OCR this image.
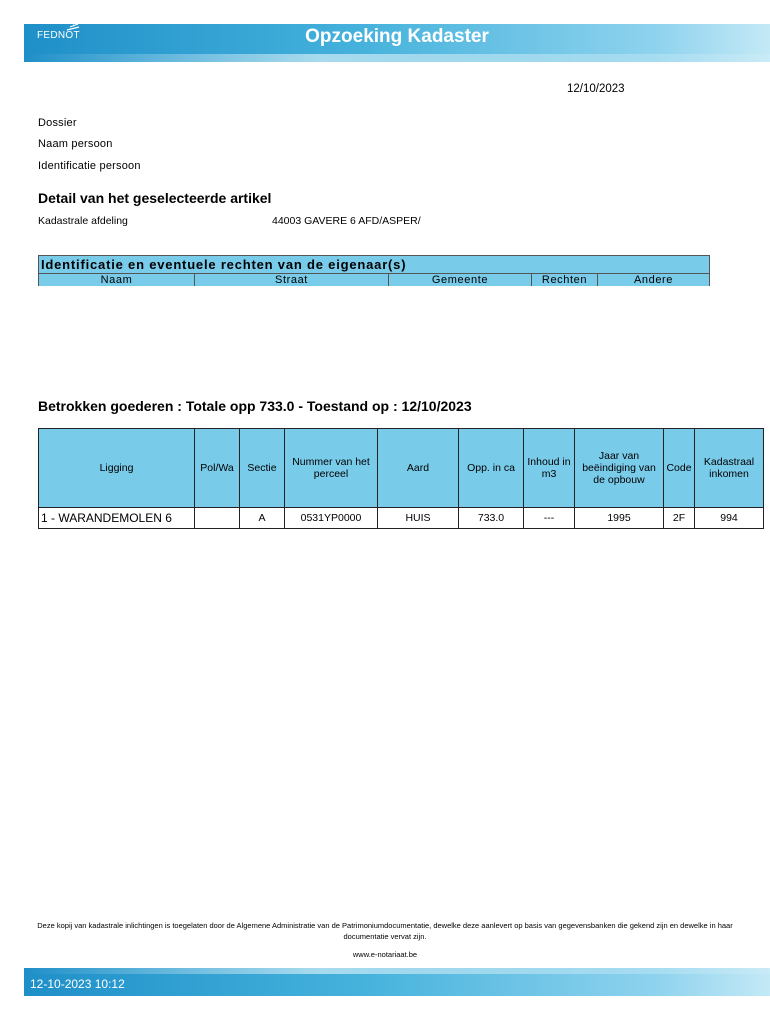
FEDNOT	Opzoeking Kadaster
12/10/2023
Dossier
Naam persoon
Identificatie persoon
Detail van het geselecteerde artikel
Kadastrale afdeling	44003 GAVERE 6 AFD/ASPER/
Identificatie en eventuele rechten van de eigenaar(s)
Naam	Straat	Gemeente	Rechten	Andere
Betrokken goederen : Totale opp 733.0 - Toestand op : 12/10/2023
Ligging	Pol/Wa	Sectie	Nummer van het perceel	Aard	Opp. in ca	Inhoud in m3	Jaar van beëindiging van de opbouw	Code	Kadastraal inkomen
1 - WARANDEMOLEN 6		A	0531YP0000	HUIS	733.0	---	1995	2F	994
Deze kopij van kadastrale inlichtingen is toegelaten door de Algemene Administratie van de Patrimoniumdocumentatie, dewelke deze aanlevert op basis van gegevensbanken die gekend zijn en dewelke in haar documentatie vervat zijn.
www.e-notariaat.be
12-10-2023 10:12
